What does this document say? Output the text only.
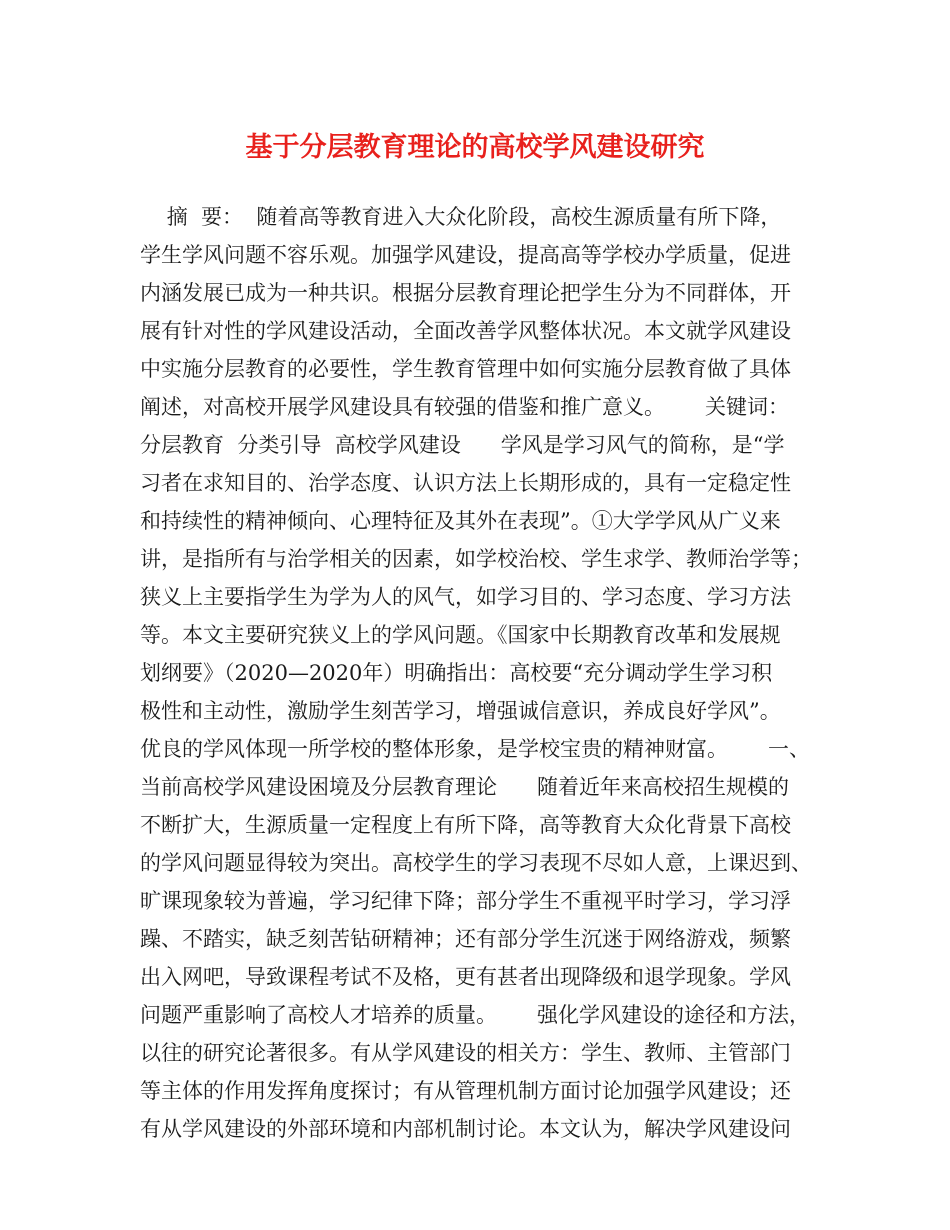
基于分层教育理论的高校学风建设研究
摘  要：  随着高等教育进入大众化阶段，高校生源质量有所下降，
学生学风问题不容乐观。加强学风建设，提高高等学校办学质量，促进
内涵发展已成为一种共识。根据分层教育理论把学生分为不同群体，开
展有针对性的学风建设活动，全面改善学风整体状况。本文就学风建设
中实施分层教育的必要性，学生教育管理中如何实施分层教育做了具体
阐述，对高校开展学风建设具有较强的借鉴和推广意义。      关键词：
分层教育  分类引导  高校学风建设      学风是学习风气的简称，是“学
习者在求知目的、治学态度、认识方法上长期形成的，具有一定稳定性
和持续性的精神倾向、心理特征及其外在表现”。①大学学风从广义来
讲，是指所有与治学相关的因素，如学校治校、学生求学、教师治学等；
狭义上主要指学生为学为人的风气，如学习目的、学习态度、学习方法
等。本文主要研究狭义上的学风问题。《国家中长期教育改革和发展规
划纲要》（2020—2020年）明确指出：高校要“充分调动学生学习积
极性和主动性，激励学生刻苦学习，增强诚信意识，养成良好学风”。
优良的学风体现一所学校的整体形象，是学校宝贵的精神财富。      一、
当前高校学风建设困境及分层教育理论      随着近年来高校招生规模的
不断扩大，生源质量一定程度上有所下降，高等教育大众化背景下高校
的学风问题显得较为突出。高校学生的学习表现不尽如人意，上课迟到、
旷课现象较为普遍，学习纪律下降；部分学生不重视平时学习，学习浮
躁、不踏实，缺乏刻苦钻研精神；还有部分学生沉迷于网络游戏，频繁
出入网吧，导致课程考试不及格，更有甚者出现降级和退学现象。学风
问题严重影响了高校人才培养的质量。      强化学风建设的途径和方法，
以往的研究论著很多。有从学风建设的相关方：学生、教师、主管部门
等主体的作用发挥角度探讨；有从管理机制方面讨论加强学风建设；还
有从学风建设的外部环境和内部机制讨论。本文认为，解决学风建设问
